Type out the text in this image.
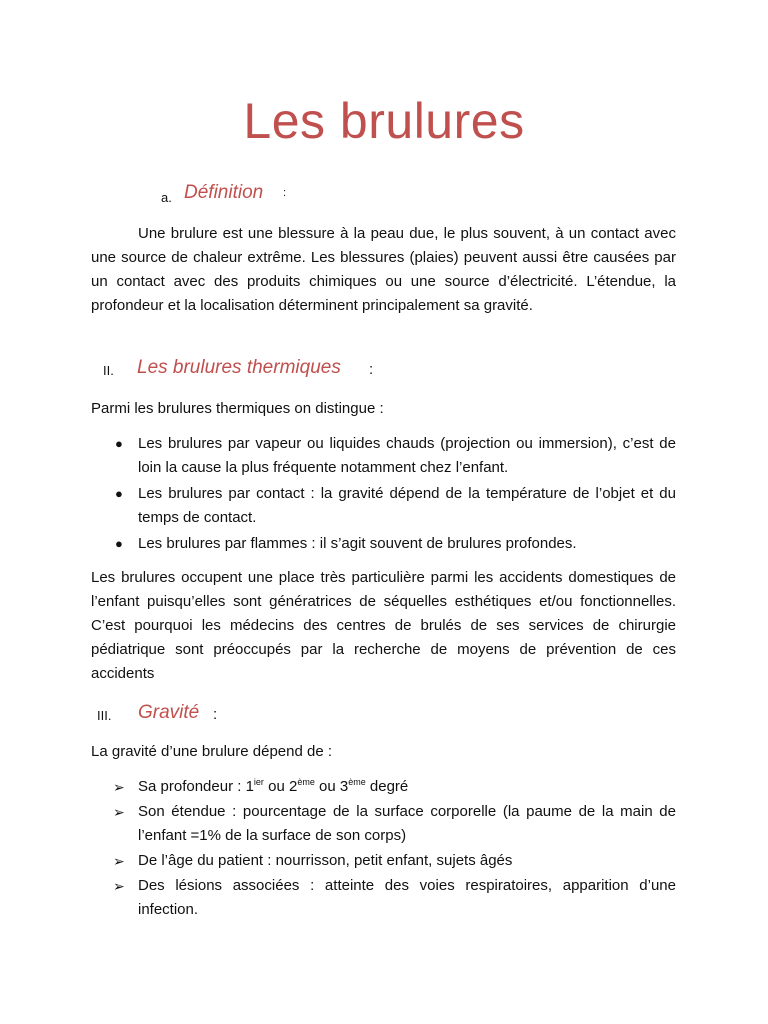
Les brulures
a. Définition :

Une brulure est une blessure à la peau due, le plus souvent, à un contact avec une source de chaleur extrême. Les blessures (plaies) peuvent aussi être causées par un contact avec des produits chimiques ou une source d’électricité. L’étendue, la profondeur et la localisation déterminent principalement sa gravité.

II. Les brulures thermiques :

Parmi les brulures thermiques on distingue :

● Les brulures par vapeur ou liquides chauds (projection ou immersion), c’est de loin la cause la plus fréquente notamment chez l’enfant.
● Les brulures par contact : la gravité dépend de la température de l’objet et du temps de contact.
● Les brulures par flammes : il s’agit souvent de brulures profondes.

Les brulures occupent une place très particulière parmi les accidents domestiques de l’enfant puisqu’elles sont génératrices de séquelles esthétiques et/ou fonctionnelles. C’est pourquoi les médecins des centres de brulés de ses services de chirurgie pédiatrique sont préoccupés par la recherche de moyens de prévention de ces accidents

III. Gravité :

La gravité d’une brulure dépend de :

➢ Sa profondeur : $1^{ier}$ ou 2ème ou 3ème degré
➢ Son étendue : pourcentage de la surface corporelle (la paume de la main de l’enfant =1% de la surface de son corps)
➢ De l’âge du patient : nourrisson, petit enfant, sujets âgés
➢ Des lésions associées : atteinte des voies respiratoires, apparition d’une infection.
